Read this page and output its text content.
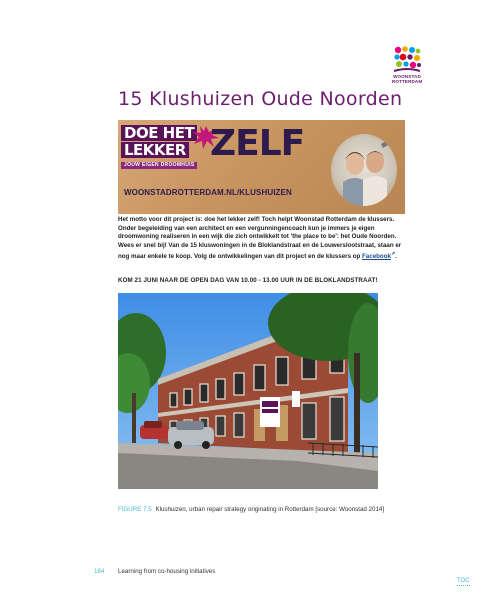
WOONSTAD
ROTTERDAM
15 Klushuizen Oude Noorden
DOE HET
LEKKER ZELF
JOUW EIGEN DROOMHUIS
WOONSTADROTTERDAM.NL/KLUSHUIZEN
Het motto voor dit project is: doe het lekker zelf! Toch helpt Woonstad Rotterdam de klussers. Onder begeleiding van een architect en een vergunningencoach kun je immers je eigen droomwoning realiseren in een wijk die zich ontwikkelt tot 'the place to be': het Oude Noorden. Wees er snel bij! Van de 15 kluswoningen in de Bloklandstraat en de Louwerslootstraat, staan er nog maar enkele te koop. Volg de ontwikkelingen van dit project en de klussers op Facebook↗.
KOM 21 JUNI NAAR DE OPEN DAG VAN 10.00 - 13.00 UUR IN DE BLOKLANDSTRAAT!
FIGURE 7.5 Klushuizen, urban repair strategy originating in Rotterdam [source: Woonstad 2014]
164 Learning from co-housing initiatives
TOC
